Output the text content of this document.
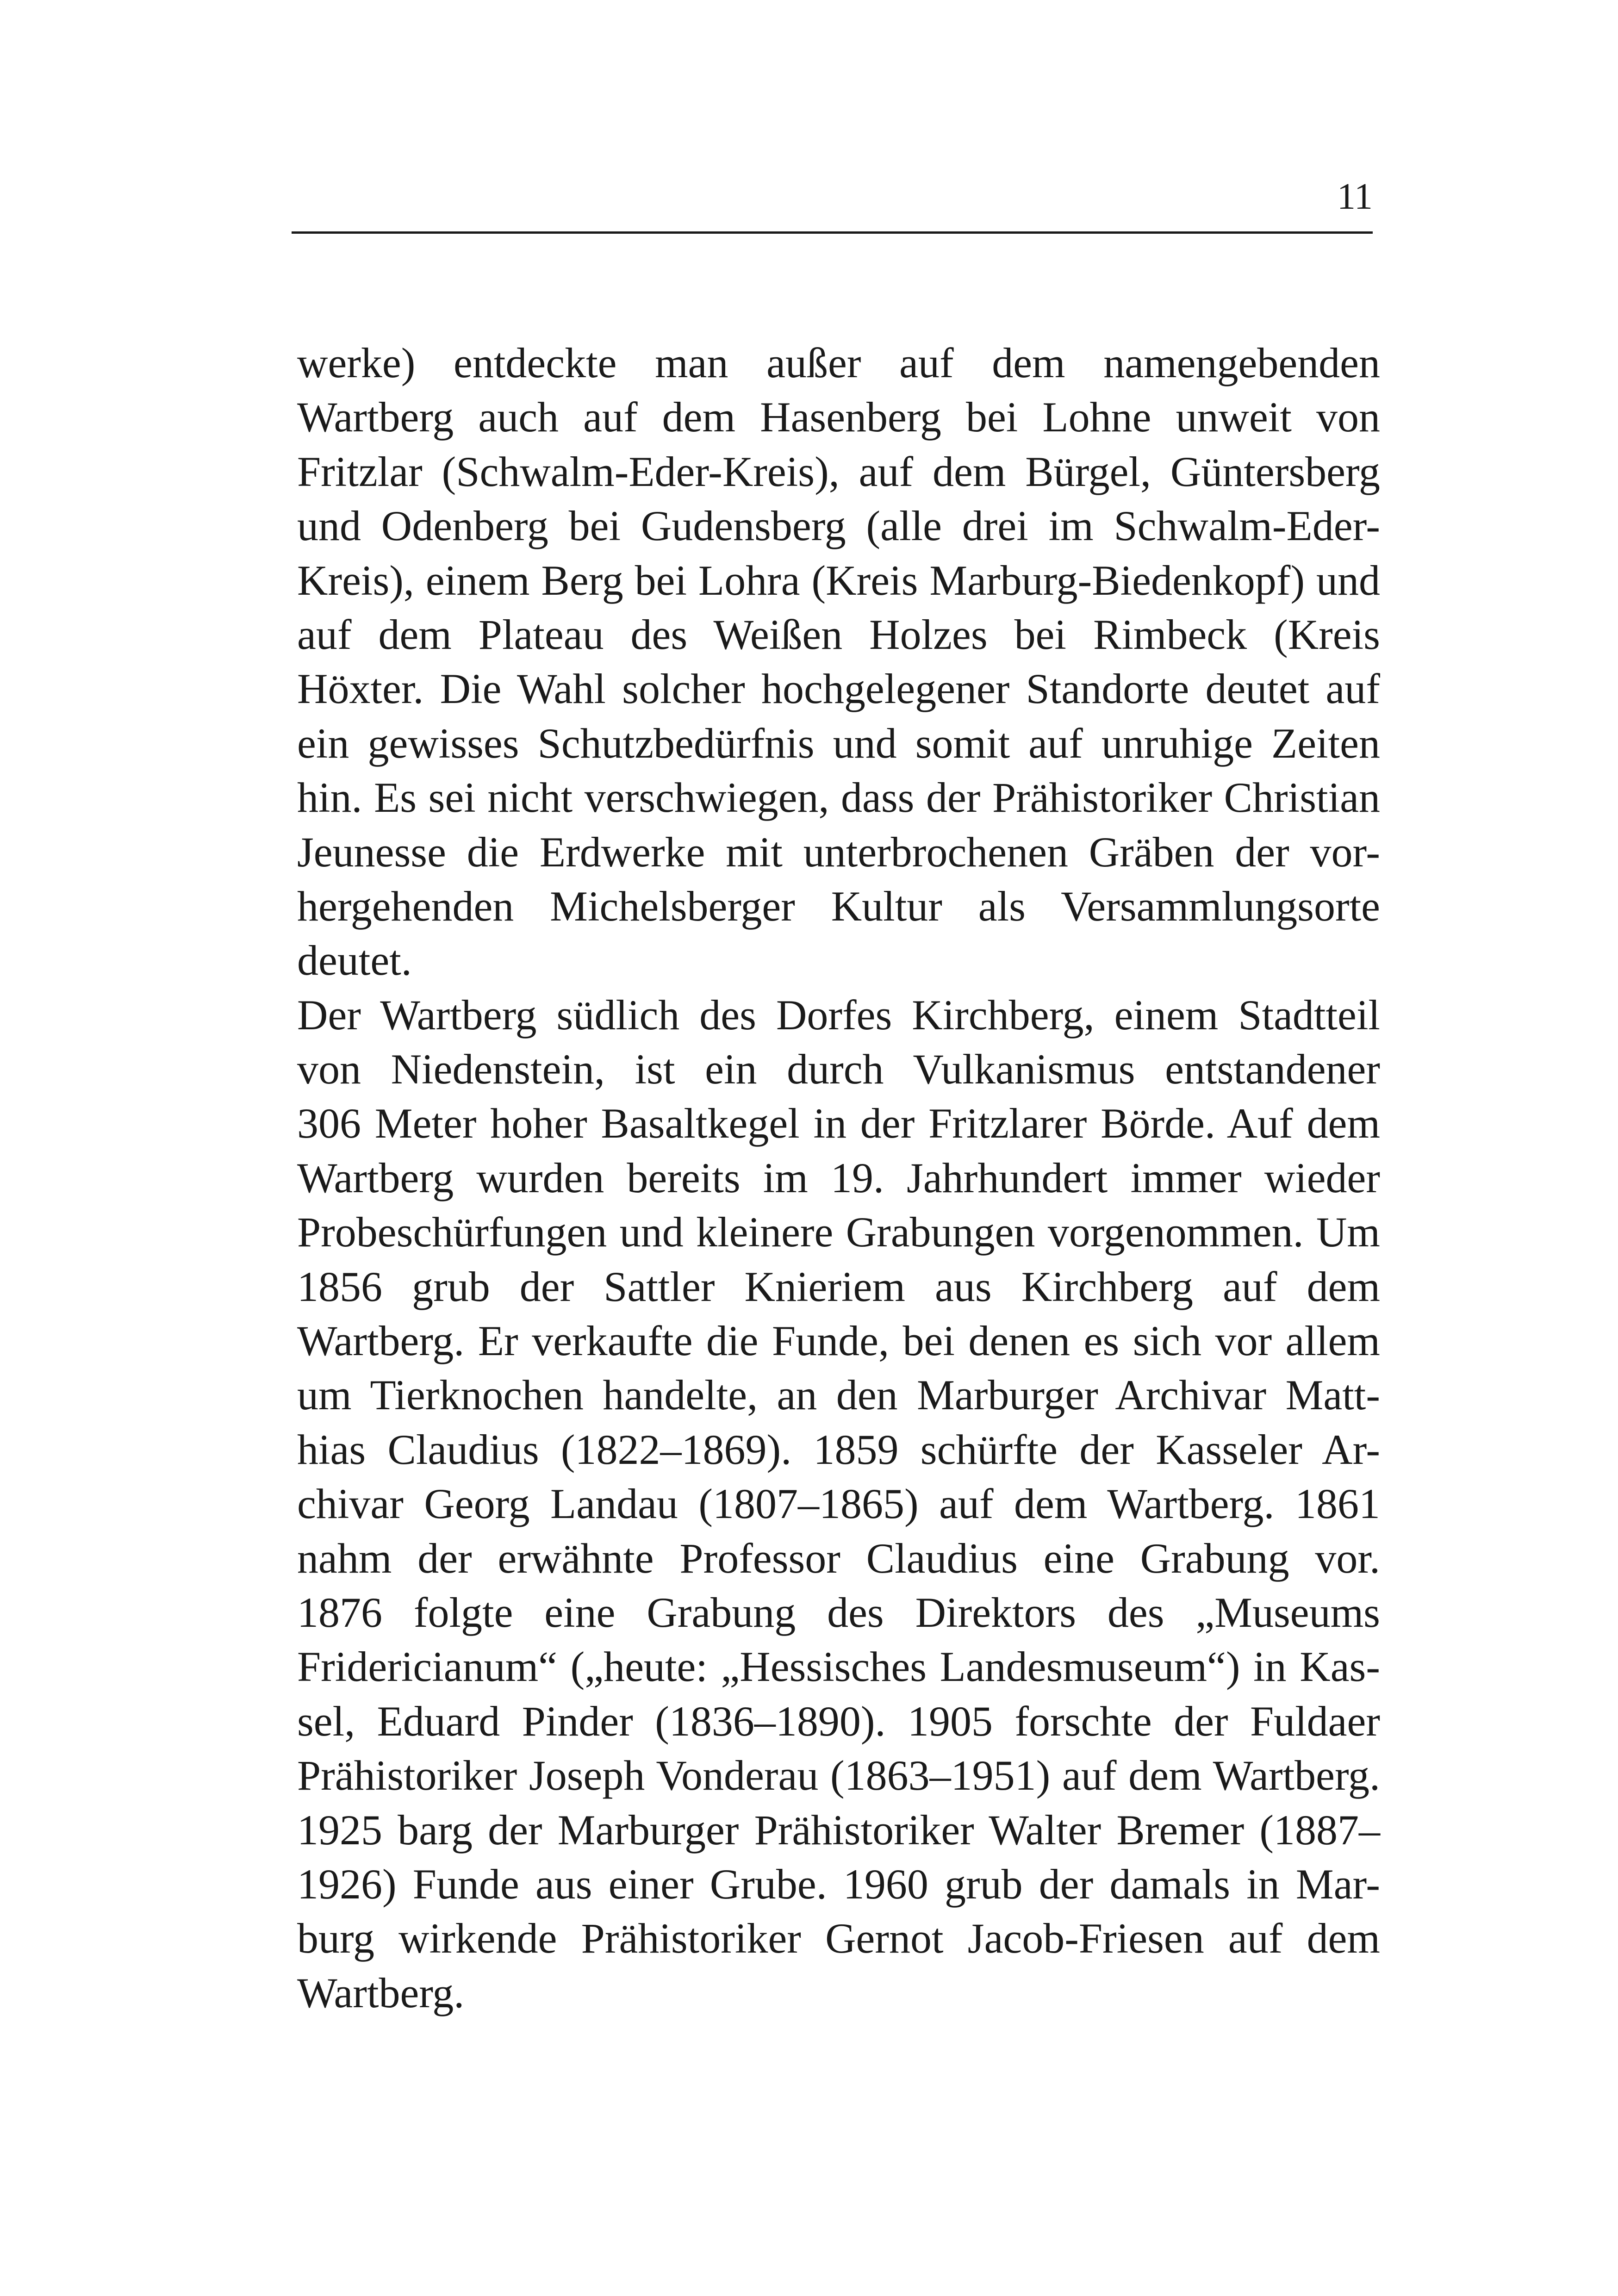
11
werke) entdeckte man außer auf dem namengebenden
Wartberg auch auf dem Hasenberg bei Lohne unweit von
Fritzlar (Schwalm-Eder-Kreis), auf dem Bürgel, Güntersberg
und Odenberg bei Gudensberg (alle drei im Schwalm-Eder-
Kreis), einem Berg bei Lohra (Kreis Marburg-Biedenkopf) und
auf dem Plateau des Weißen Holzes bei Rimbeck (Kreis
Höxter. Die Wahl solcher hochgelegener Standorte deutet auf
ein gewisses Schutzbedürfnis und somit auf unruhige Zeiten
hin. Es sei nicht verschwiegen, dass der Prähistoriker Christian
Jeunesse die Erdwerke mit unterbrochenen Gräben der vor-
hergehenden Michelsberger Kultur als Versammlungsorte
deutet.
Der Wartberg südlich des Dorfes Kirchberg, einem Stadtteil
von Niedenstein, ist ein durch Vulkanismus entstandener
306 Meter hoher Basaltkegel in der Fritzlarer Börde. Auf dem
Wartberg wurden bereits im 19. Jahrhundert immer wieder
Probeschürfungen und kleinere Grabungen vorgenommen. Um
1856 grub der Sattler Knieriem aus Kirchberg auf dem
Wartberg. Er verkaufte die Funde, bei denen es sich vor allem
um Tierknochen handelte, an den Marburger Archivar Matt-
hias Claudius (1822–1869). 1859 schürfte der Kasseler Ar-
chivar Georg Landau (1807–1865) auf dem Wartberg. 1861
nahm der erwähnte Professor Claudius eine Grabung vor.
1876 folgte eine Grabung des Direktors des „Museums
Fridericianum“ („heute: „Hessisches Landesmuseum“) in Kas-
sel, Eduard Pinder (1836–1890). 1905 forschte der Fuldaer
Prähistoriker Joseph Vonderau (1863–1951) auf dem Wartberg.
1925 barg der Marburger Prähistoriker Walter Bremer (1887–
1926) Funde aus einer Grube. 1960 grub der damals in Mar-
burg wirkende Prähistoriker Gernot Jacob-Friesen auf dem
Wartberg.
